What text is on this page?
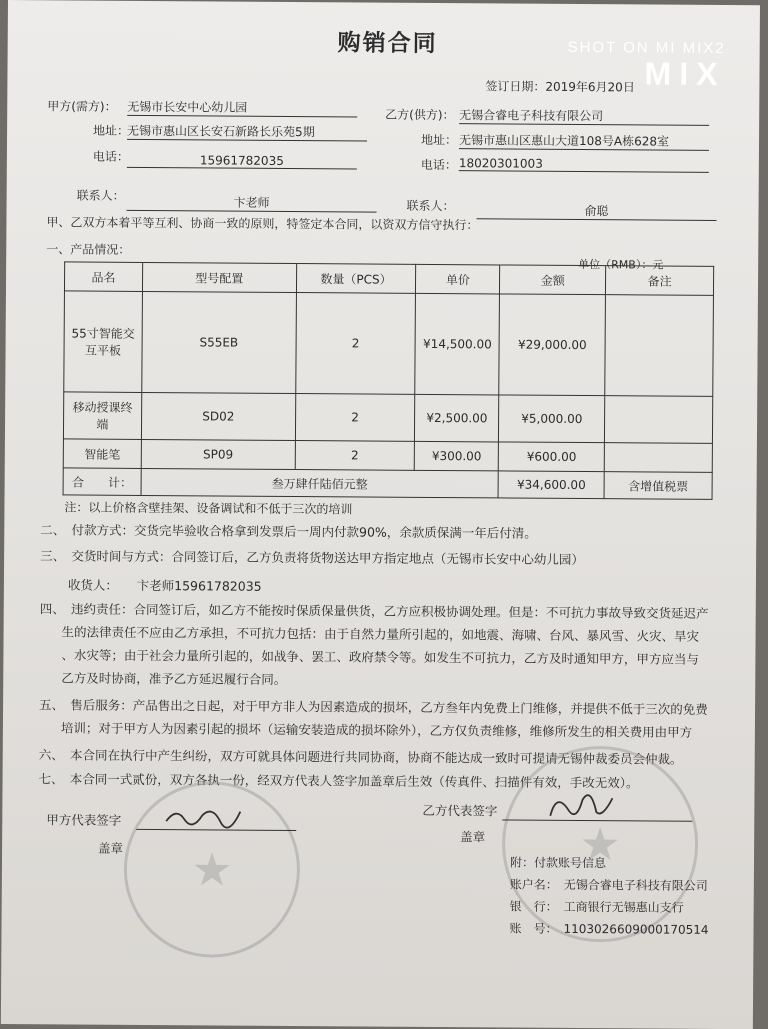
购销合同	SHOT ON MI MIX2
MIX
签订日期：2019年6月20日
甲方(需方)： 无锡市长安中心幼儿园
地址：
无锡市惠山区长安石新路长乐苑5期
电话：	15961782035
联系人：	卞老师
乙方(供方)： 无锡合睿电子科技有限公司
地址： 无锡市惠山区惠山大道108号A栋628室
电话： 18020301003
联系人：	俞聪
甲、乙双方本着平等互利、协商一致的原则，特签定本合同，以资双方信守执行：
一、产品情况：
单位（RMB）：元
品名	型号配置	数量（PCS）	单价	金额	备注
55寸智能交互平板	S55EB	2	¥14,500.00	¥29,000.00	
移动授课终端	SD02	2	¥2,500.00	¥5,000.00	
智能笔	SP09	2	¥300.00	¥600.00	
合　　计：	叁万肆仟陆佰元整			¥34,600.00	含增值税票
注：以上价格含壁挂架、设备调试和不低于三次的培训
二、　付款方式：交货完毕验收合格拿到发票后一周内付款90%，余款质保满一年后付清。
三、　交货时间与方式：合同签订后，乙方负责将货物送达甲方指定地点（无锡市长安中心幼儿园）
收货人：　　卞老师15961782035
四、　违约责任：合同签订后，如乙方不能按时保质保量供货，乙方应积极协调处理。但是：不可抗力事故导致交货延迟产
生的法律责任不应由乙方承担，不可抗力包括：由于自然力量所引起的，如地震、海啸、台风、暴风雪、火灾、旱灾
、水灾等；由于社会力量所引起的，如战争、罢工、政府禁令等。如发生不可抗力，乙方及时通知甲方，甲方应当与
乙方及时协商，准予乙方延迟履行合同。
五、　售后服务：产品售出之日起，对于甲方非人为因素造成的损坏，乙方叁年内免费上门维修，并提供不低于三次的免费
培训；对于甲方人为因素引起的损坏（运输安装造成的损坏除外），乙方仅负责维修，维修所发生的相关费用由甲方
六、　本合同在执行中产生纠纷，双方可就具体问题进行共同协商，协商不能达成一致时可提请无锡仲裁委员会仲裁。
七、　本合同一式贰份，双方各执一份，经双方代表人签字加盖章后生效（传真件、扫描件有效，手改无效）。
★	★
甲方代表签字
盖章
乙方代表签字
盖章
附：付款账号信息
账户名：　无锡合睿电子科技有限公司
银　行：　工商银行无锡惠山支行
账　号：　1103026609000170514
